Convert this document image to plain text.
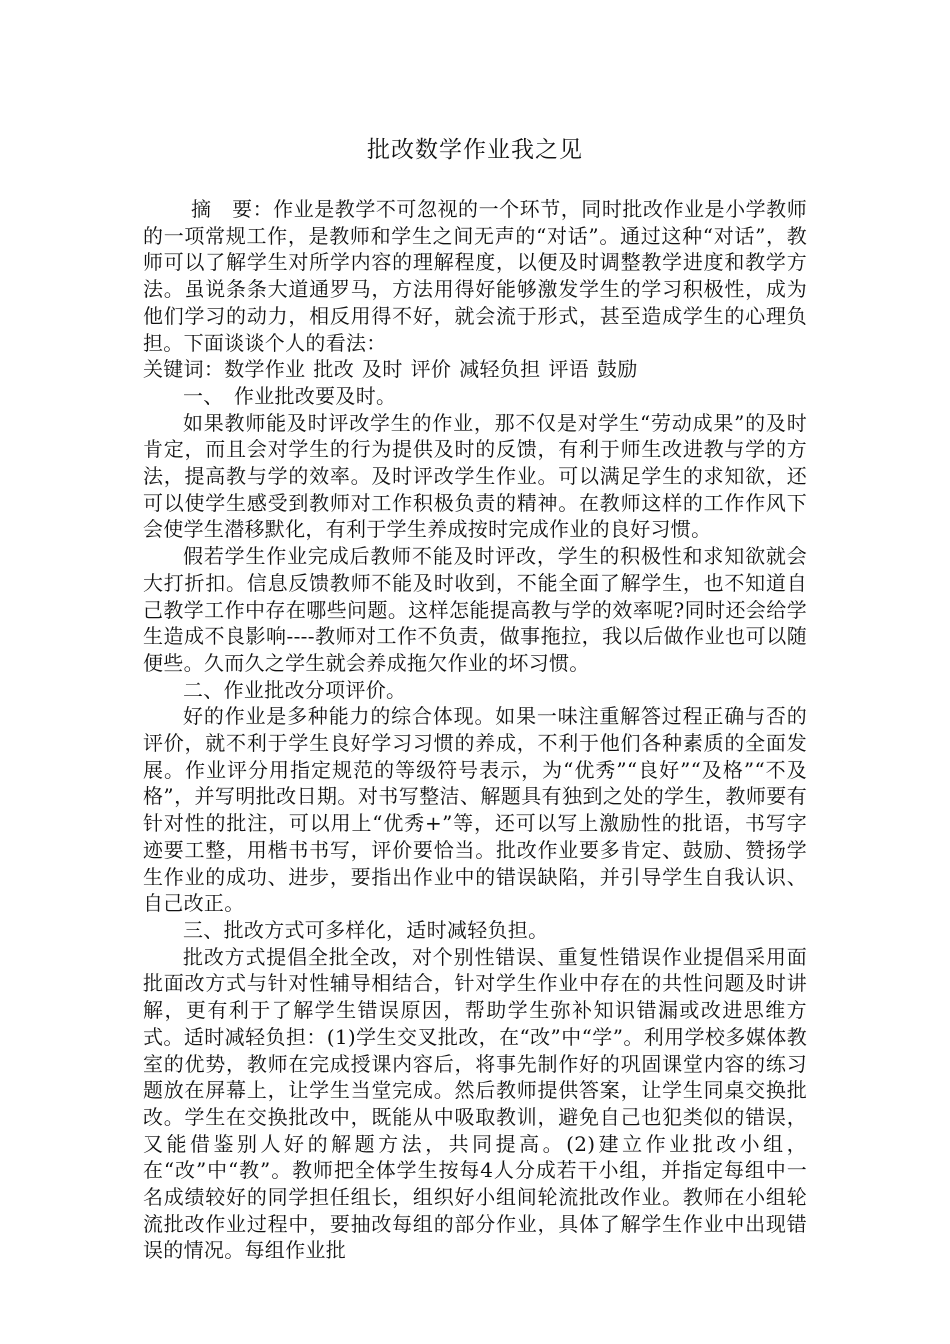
批改数学作业我之见

摘　要：作业是教学不可忽视的一个环节，同时批改作业是小学教师的一项常规工作，是教师和学生之间无声的“对话”。通过这种“对话”，教师可以了解学生对所学内容的理解程度，以便及时调整教学进度和教学方法。虽说条条大道通罗马，方法用得好能够激发学生的学习积极性，成为他们学习的动力，相反用得不好，就会流于形式，甚至造成学生的心理负担。下面谈谈个人的看法：

关键词：数学作业 批改 及时 评价 减轻负担 评语 鼓励

一、　作业批改要及时。

如果教师能及时评改学生的作业，那不仅是对学生“劳动成果”的及时肯定，而且会对学生的行为提供及时的反馈，有利于师生改进教与学的方法，提高教与学的效率。及时评改学生作业。可以满足学生的求知欲，还可以使学生感受到教师对工作积极负责的精神。在教师这样的工作作风下会使学生潜移默化，有利于学生养成按时完成作业的良好习惯。

假若学生作业完成后教师不能及时评改，学生的积极性和求知欲就会大打折扣。信息反馈教师不能及时收到，不能全面了解学生，也不知道自己教学工作中存在哪些问题。这样怎能提高教与学的效率呢?同时还会给学生造成不良影响----教师对工作不负责，做事拖拉，我以后做作业也可以随便些。久而久之学生就会养成拖欠作业的坏习惯。

二、作业批改分项评价。

好的作业是多种能力的综合体现。如果一味注重解答过程正确与否的评价，就不利于学生良好学习习惯的养成，不利于他们各种素质的全面发展。作业评分用指定规范的等级符号表示，为“优秀”“良好”“及格”“不及格”，并写明批改日期。对书写整洁、解题具有独到之处的学生，教师要有针对性的批注，可以用上“优秀+”等，还可以写上激励性的批语，书写字迹要工整，用楷书书写，评价要恰当。批改作业要多肯定、鼓励、赞扬学生作业的成功、进步，要指出作业中的错误缺陷，并引导学生自我认识、自己改正。

三、批改方式可多样化，适时减轻负担。

批改方式提倡全批全改，对个别性错误、重复性错误作业提倡采用面批面改方式与针对性辅导相结合，针对学生作业中存在的共性问题及时讲解，更有利于了解学生错误原因，帮助学生弥补知识错漏或改进思维方式。适时减轻负担：(1)学生交叉批改，在“改”中“学”。利用学校多媒体教室的优势，教师在完成授课内容后，将事先制作好的巩固课堂内容的练习题放在屏幕上，让学生当堂完成。然后教师提供答案，让学生同桌交换批改。学生在交换批改中，既能从中吸取教训，避免自己也犯类似的错误，又能借鉴别人好的解题方法，共同提高。(2)建立作业批改小组，在“改”中“教”。教师把全体学生按每4人分成若干小组，并指定每组中一名成绩较好的同学担任组长，组织好小组间轮流批改作业。教师在小组轮流批改作业过程中，要抽改每组的部分作业，具体了解学生作业中出现错误的情况。每组作业批
